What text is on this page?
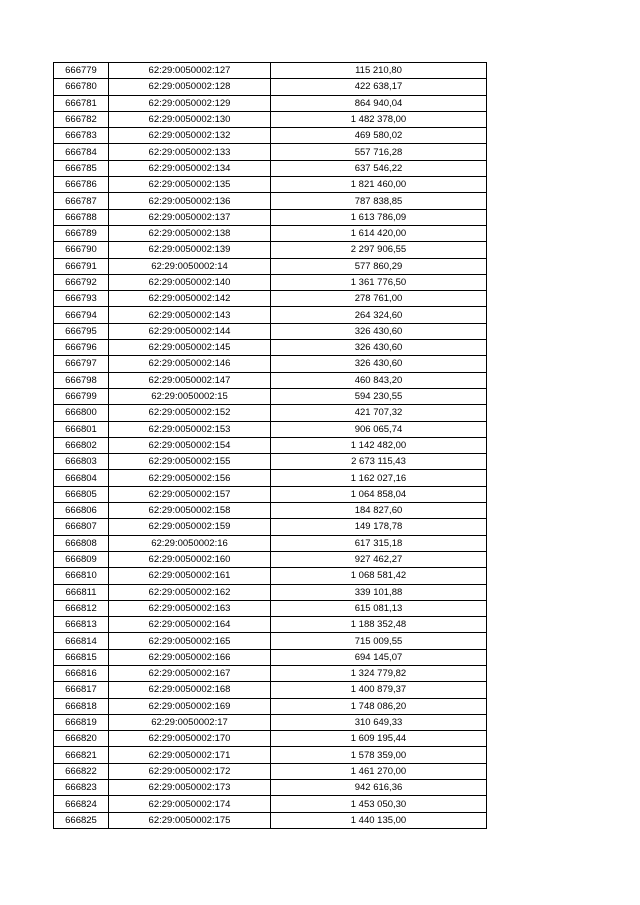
666779	62:29:0050002:127	115 210,80
666780	62:29:0050002:128	422 638,17
666781	62:29:0050002:129	864 940,04
666782	62:29:0050002:130	1 482 378,00
666783	62:29:0050002:132	469 580,02
666784	62:29:0050002:133	557 716,28
666785	62:29:0050002:134	637 546,22
666786	62:29:0050002:135	1 821 460,00
666787	62:29:0050002:136	787 838,85
666788	62:29:0050002:137	1 613 786,09
666789	62:29:0050002:138	1 614 420,00
666790	62:29:0050002:139	2 297 906,55
666791	62:29:0050002:14	577 860,29
666792	62:29:0050002:140	1 361 776,50
666793	62:29:0050002:142	278 761,00
666794	62:29:0050002:143	264 324,60
666795	62:29:0050002:144	326 430,60
666796	62:29:0050002:145	326 430,60
666797	62:29:0050002:146	326 430,60
666798	62:29:0050002:147	460 843,20
666799	62:29:0050002:15	594 230,55
666800	62:29:0050002:152	421 707,32
666801	62:29:0050002:153	906 065,74
666802	62:29:0050002:154	1 142 482,00
666803	62:29:0050002:155	2 673 115,43
666804	62:29:0050002:156	1 162 027,16
666805	62:29:0050002:157	1 064 858,04
666806	62:29:0050002:158	184 827,60
666807	62:29:0050002:159	149 178,78
666808	62:29:0050002:16	617 315,18
666809	62:29:0050002:160	927 462,27
666810	62:29:0050002:161	1 068 581,42
666811	62:29:0050002:162	339 101,88
666812	62:29:0050002:163	615 081,13
666813	62:29:0050002:164	1 188 352,48
666814	62:29:0050002:165	715 009,55
666815	62:29:0050002:166	694 145,07
666816	62:29:0050002:167	1 324 779,82
666817	62:29:0050002:168	1 400 879,37
666818	62:29:0050002:169	1 748 086,20
666819	62:29:0050002:17	310 649,33
666820	62:29:0050002:170	1 609 195,44
666821	62:29:0050002:171	1 578 359,00
666822	62:29:0050002:172	1 461 270,00
666823	62:29:0050002:173	942 616,36
666824	62:29:0050002:174	1 453 050,30
666825	62:29:0050002:175	1 440 135,00
